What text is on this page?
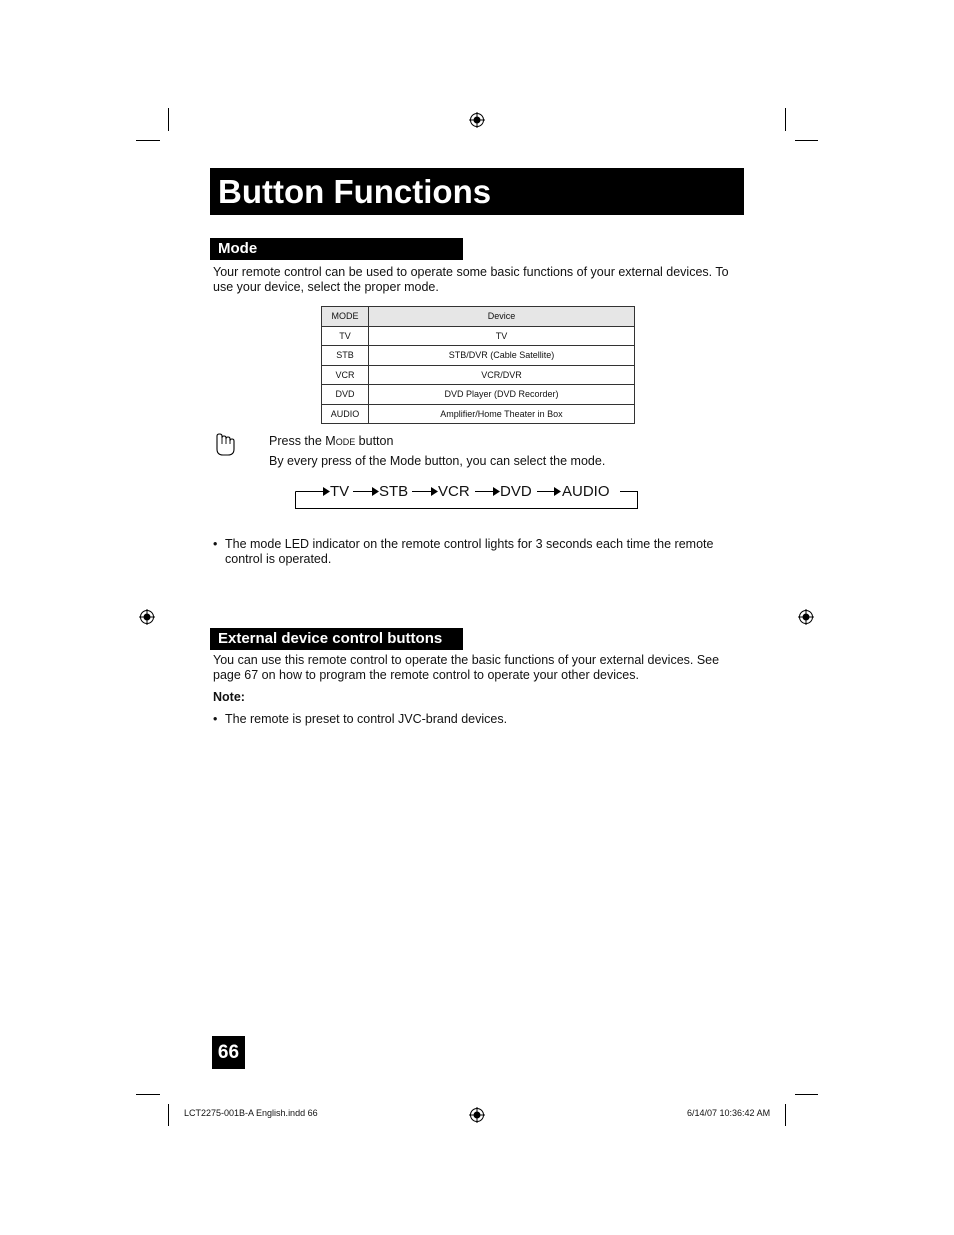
Button Functions
Mode
Your remote control can be used to operate some basic functions of your external devices. To
use your device, select the proper mode.
MODE	Device
TV	TV
STB	STB/DVR (Cable Satellite)
VCR	VCR/DVR
DVD	DVD Player (DVD Recorder)
AUDIO	Amplifier/Home Theater in Box
Press the Mode button
By every press of the Mode button, you can select the mode.
TV STB VCR DVD AUDIO
• The mode LED indicator on the remote control lights for 3 seconds each time the remote
control is operated.
External device control buttons
You can use this remote control to operate the basic functions of your external devices. See
page 67 on how to program the remote control to operate your other devices.
Note:
• The remote is preset to control JVC-brand devices.
66
LCT2275-001B-A English.indd 66	6/14/07 10:36:42 AM
